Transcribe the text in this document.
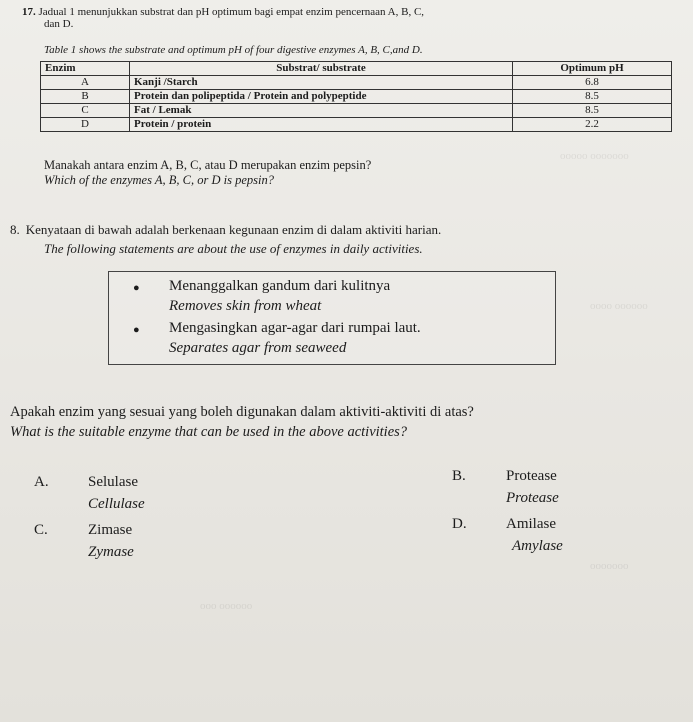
ooooooo ooooo
oooooo oooo
ooooooo
oooooo ooo
17. Jadual 1 menunjukkan substrat dan pH optimum bagi empat enzim pencernaan A, B, C,
dan D.
Table 1 shows the substrate and optimum pH of four digestive enzymes A, B, C,and D.
Enzim	Substrat/ substrate	Optimum pH
A	Kanji /Starch	6.8
B	Protein dan polipeptida / Protein and polypeptide	8.5
C	Fat / Lemak	8.5
D	Protein / protein	2.2
Manakah antara enzim A, B, C, atau D merupakan enzim pepsin?
Which of the enzymes A, B, C, or D is pepsin?
8. Kenyataan di bawah adalah berkenaan kegunaan enzim di dalam aktiviti harian.
The following statements are about the use of enzymes in daily activities.
● Menanggalkan gandum dari kulitnya
Removes skin from wheat
● Mengasingkan agar-agar dari rumpai laut.
Separates agar from seaweed
Apakah enzim yang sesuai yang boleh digunakan dalam aktiviti-aktiviti di atas?
What is the suitable enzyme that can be used in the above activities?
A.	Selulase
Cellulase
B.	Protease
Protease
C.	Zimase
Zymase
D.	Amilase
Amylase
